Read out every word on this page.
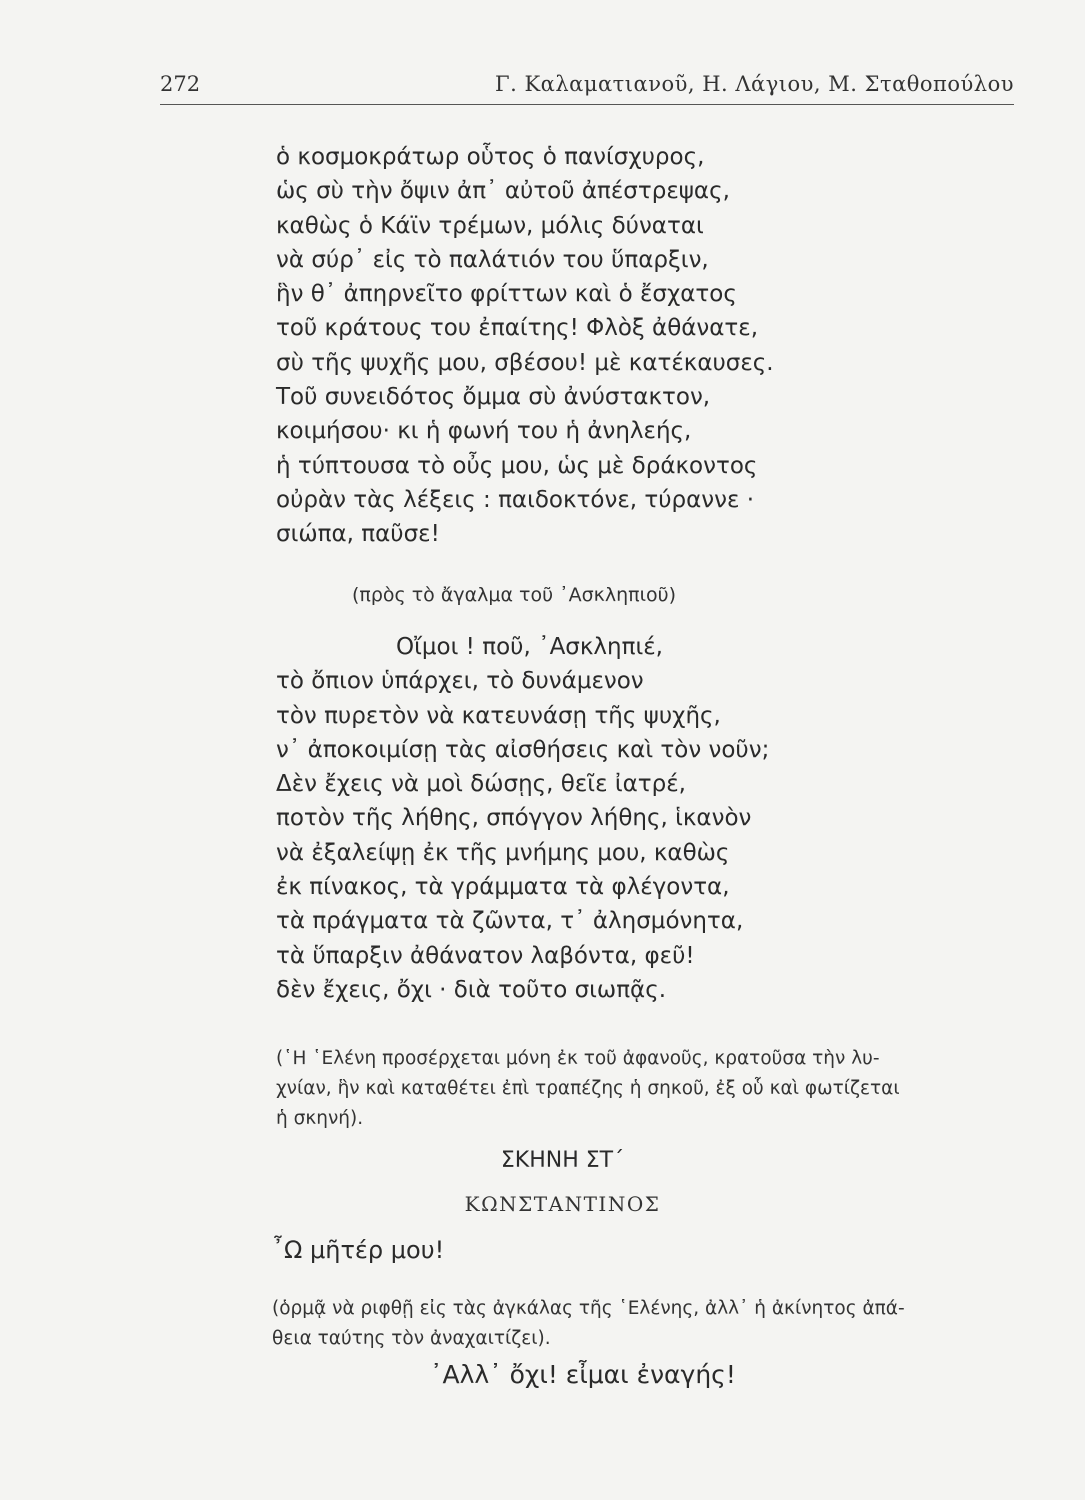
272	Γ. Καλαματιανοῦ, Η. Λάγιου, Μ. Σταθοπούλου
ὁ κοσμοκράτωρ οὗτος ὁ πανίσχυρος,
ὡς σὺ τὴν ὄψιν ἀπ᾽ αὐτοῦ ἀπέστρεψας,
καθὼς ὁ Κάϊν τρέμων, μόλις δύναται
νὰ σύρ᾽ εἰς τὸ παλάτιόν του ὕπαρξιν,
ἣν θ᾽ ἀπηρνεῖτο φρίττων καὶ ὁ ἔσχατος
τοῦ κράτους του ἐπαίτης! Φλὸξ ἀθάνατε,
σὺ τῆς ψυχῆς μου, σβέσου! μὲ κατέκαυσες.
Τοῦ συνειδότος ὄμμα σὺ ἀνύστακτον,
κοιμήσου· κι ἡ φωνή του ἡ ἀνηλεής,
ἡ τύπτουσα τὸ οὖς μου, ὡς μὲ δράκοντος
οὐρὰν τὰς λέξεις : παιδοκτόνε, τύραννε ·
σιώπα, παῦσε!
(πρὸς τὸ ἄγαλμα τοῦ ᾿Ασκληπιοῦ)
Οἴμοι ! ποῦ, ᾿Ασκληπιέ,
τὸ ὄπιον ὑπάρχει, τὸ δυνάμενον
τὸν πυρετὸν νὰ κατευνάσῃ τῆς ψυχῆς,
ν᾽ ἀποκοιμίσῃ τὰς αἰσθήσεις καὶ τὸν νοῦν;
Δὲν ἔχεις νὰ μοὶ δώσῃς, θεῖε ἰατρέ,
ποτὸν τῆς λήθης, σπόγγον λήθης, ἱκανὸν
νὰ ἐξαλείψῃ ἐκ τῆς μνήμης μου, καθὼς
ἐκ πίνακος, τὰ γράμματα τὰ φλέγοντα,
τὰ πράγματα τὰ ζῶντα, τ᾽ ἀλησμόνητα,
τὰ ὕπαρξιν ἀθάνατον λαβόντα, φεῦ!
δὲν ἔχεις, ὄχι · διὰ τοῦτο σιωπᾷς.
(῾Η ῾Ελένη προσέρχεται μόνη ἐκ τοῦ ἀφανοῦς, κρατοῦσα τὴν λυ-
χνίαν, ἣν καὶ καταθέτει ἐπὶ τραπέζης ἡ σηκοῦ, ἐξ οὗ καὶ φωτίζεται
ἡ σκηνή).
ΣΚΗΝΗ ΣΤ΄
ΚΩΝΣΤΑΝΤΙΝΟΣ
῏Ω μῆτέρ μου!
(ὁρμᾷ νὰ ριφθῇ εἰς τὰς ἀγκάλας τῆς ῾Ελένης, ἀλλ᾽ ἡ ἀκίνητος ἀπά-
θεια ταύτης τὸν ἀναχαιτίζει).
᾿Αλλ᾽ ὄχι! εἶμαι ἐναγής!
